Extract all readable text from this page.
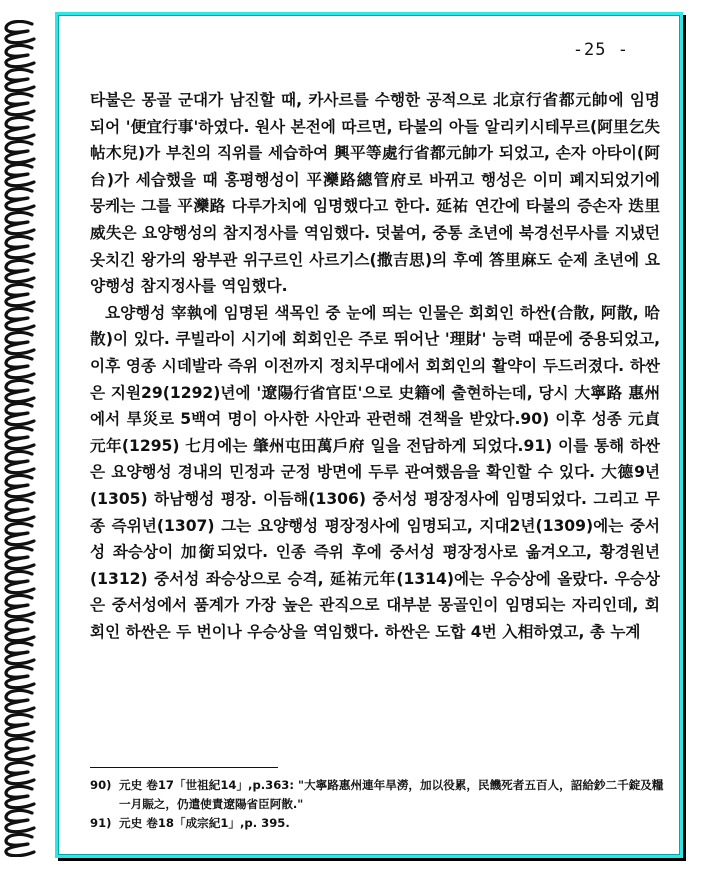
-25 -

타불은 몽골 군대가 남진할 때, 카사르를 수행한 공적으로 北京行省都元帥에 임명되어 '便宜行事'하였다. 원사 본전에 따르면, 타불의 아들 알리키시테무르(阿里乞失帖木兒)가 부친의 직위를 세습하여 興平等處行省都元帥가 되었고, 손자 아타이(阿台)가 세습했을 때 홍평행성이 平灤路總管府로 바뀌고 행성은 이미 폐지되었기에 뭉케는 그를 平灤路 다루가치에 임명했다고 한다. 延祐 연간에 타불의 증손자 迭里威失은 요양행성의 참지정사를 역임했다. 덧붙여, 중통 초년에 북경선무사를 지냈던 옷치긴 왕가의 왕부관 위구르인 사르기스(撒吉思)의 후예 答里麻도 순제 초년에 요양행성 참지정사를 역임했다.

요양행성 宰執에 임명된 색목인 중 눈에 띄는 인물은 회회인 하싼(合散, 阿散, 哈散)이 있다. 쿠빌라이 시기에 회회인은 주로 뛰어난 '理財' 능력 때문에 중용되었고, 이후 영종 시데발라 즉위 이전까지 정치무대에서 회회인의 활약이 두드러졌다. 하싼은 지원29(1292)년에 '遼陽行省官臣'으로 史籍에 출현하는데, 당시 大寧路 惠州에서 旱災로 5백여 명이 아사한 사안과 관련해 견책을 받았다.90) 이후 성종 元貞元年(1295) 七月에는 肇州屯田萬戶府 일을 전담하게 되었다.91) 이를 통해 하싼은 요양행성 경내의 민정과 군정 방면에 두루 관여했음을 확인할 수 있다. 大德9년(1305) 하남행성 평장. 이듬해(1306) 중서성 평장정사에 임명되었다. 그리고 무종 즉위년(1307) 그는 요양행성 평장정사에 임명되고, 지대2년(1309)에는 중서성 좌승상이 加銜되었다. 인종 즉위 후에 중서성 평장정사로 옮겨오고, 황경원년(1312) 중서성 좌승상으로 승격, 延祐元年(1314)에는 우승상에 올랐다. 우승상은 중서성에서 품계가 가장 높은 관직으로 대부분 몽골인이 임명되는 자리인데, 회회인 하싼은 두 번이나 우승상을 역임했다. 하싼은 도합 4번 入相하였고, 총 누계

90) 元史 卷17「世祖紀14」,p.363: "大寧路惠州連年旱澇，加以役累，民饑死者五百人，詔給鈔二千錠及糧一月賑之，仍遣使責遼陽省臣阿散."
91) 元史 卷18「成宗紀1」,p. 395.
